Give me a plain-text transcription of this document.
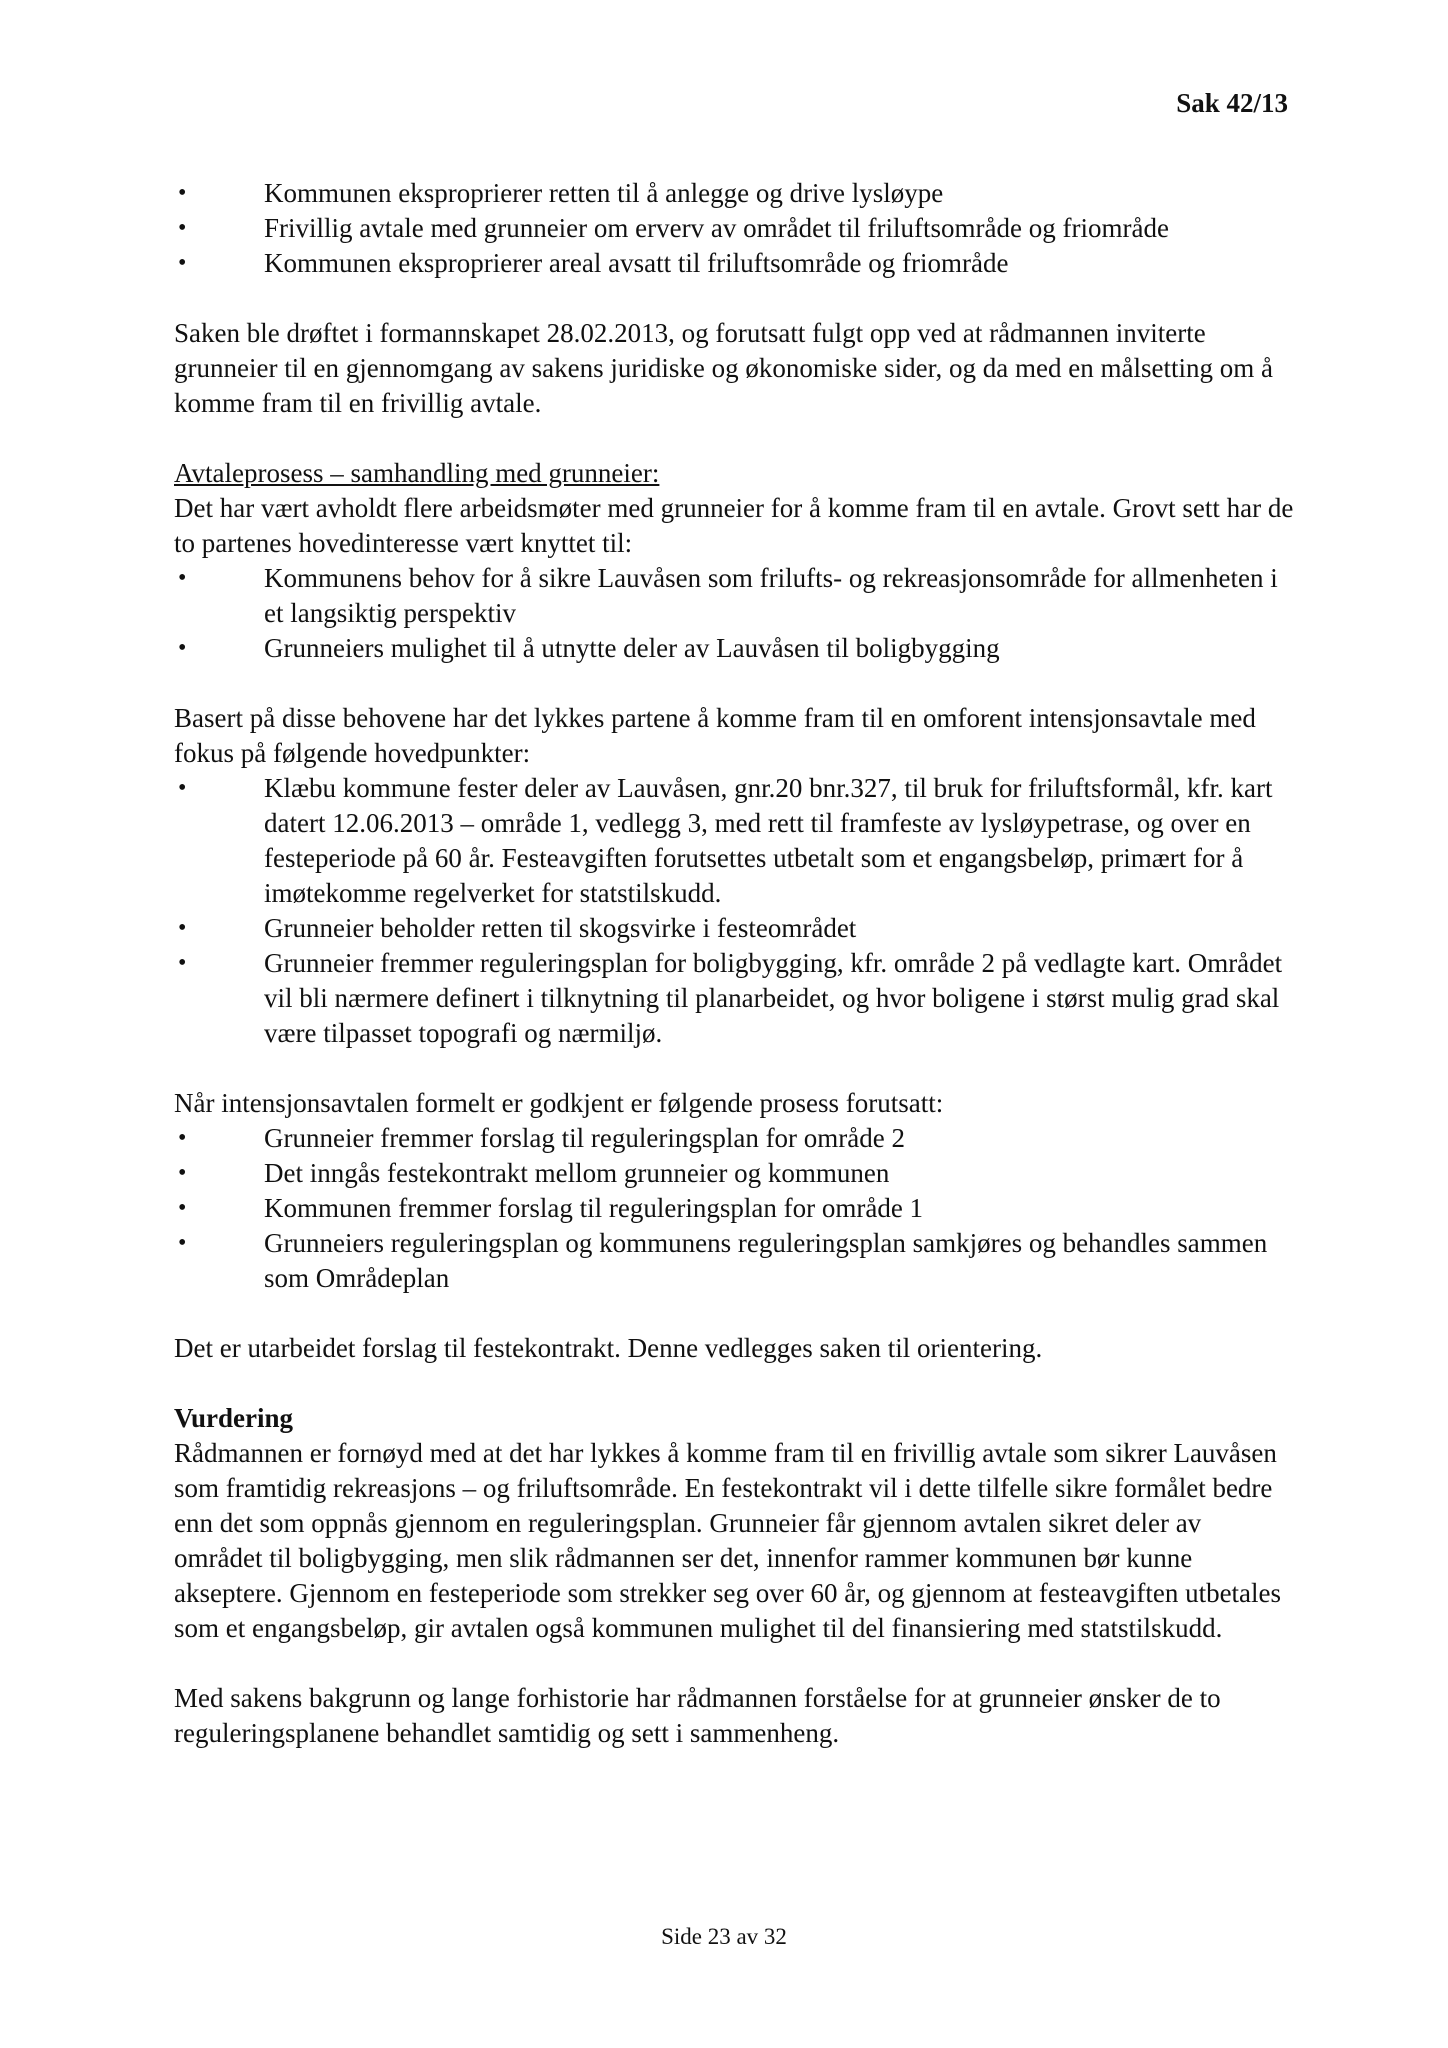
Sak 42/13
• Kommunen eksproprierer retten til å anlegge og drive lysløype
• Frivillig avtale med grunneier om erverv av området til friluftsområde og friområde
• Kommunen eksproprierer areal avsatt til friluftsområde og friområde

Saken ble drøftet i formannskapet 28.02.2013, og forutsatt fulgt opp ved at rådmannen inviterte grunneier til en gjennomgang av sakens juridiske og økonomiske sider, og da med en målsetting om å komme fram til en frivillig avtale.

Avtaleprosess – samhandling med grunneier:

Det har vært avholdt flere arbeidsmøter med grunneier for å komme fram til en avtale. Grovt sett har de to partenes hovedinteresse vært knyttet til:

• Kommunens behov for å sikre Lauvåsen som frilufts- og rekreasjonsområde for allmenheten i et langsiktig perspektiv
• Grunneiers mulighet til å utnytte deler av Lauvåsen til boligbygging

Basert på disse behovene har det lykkes partene å komme fram til en omforent intensjonsavtale med fokus på følgende hovedpunkter:

• Klæbu kommune fester deler av Lauvåsen, gnr.20 bnr.327, til bruk for friluftsformål, kfr. kart datert 12.06.2013 – område 1, vedlegg 3, med rett til framfeste av lysløypetrase, og over en festeperiode på 60 år. Festeavgiften forutsettes utbetalt som et engangsbeløp, primært for å imøtekomme regelverket for statstilskudd.
• Grunneier beholder retten til skogsvirke i festeområdet
• Grunneier fremmer reguleringsplan for boligbygging, kfr. område 2 på vedlagte kart. Området vil bli nærmere definert i tilknytning til planarbeidet, og hvor boligene i størst mulig grad skal være tilpasset topografi og nærmiljø.

Når intensjonsavtalen formelt er godkjent er følgende prosess forutsatt:

• Grunneier fremmer forslag til reguleringsplan for område 2
• Det inngås festekontrakt mellom grunneier og kommunen
• Kommunen fremmer forslag til reguleringsplan for område 1
• Grunneiers reguleringsplan og kommunens reguleringsplan samkjøres og behandles sammen som Områdeplan

Det er utarbeidet forslag til festekontrakt. Denne vedlegges saken til orientering.

Vurdering

Rådmannen er fornøyd med at det har lykkes å komme fram til en frivillig avtale som sikrer Lauvåsen som framtidig rekreasjons – og friluftsområde. En festekontrakt vil i dette tilfelle sikre formålet bedre enn det som oppnås gjennom en reguleringsplan. Grunneier får gjennom avtalen sikret deler av området til boligbygging, men slik rådmannen ser det, innenfor rammer kommunen bør kunne akseptere. Gjennom en festeperiode som strekker seg over 60 år, og gjennom at festeavgiften utbetales som et engangsbeløp, gir avtalen også kommunen mulighet til del finansiering med statstilskudd.

Med sakens bakgrunn og lange forhistorie har rådmannen forståelse for at grunneier ønsker de to reguleringsplanene behandlet samtidig og sett i sammenheng.

Side 23 av 32
